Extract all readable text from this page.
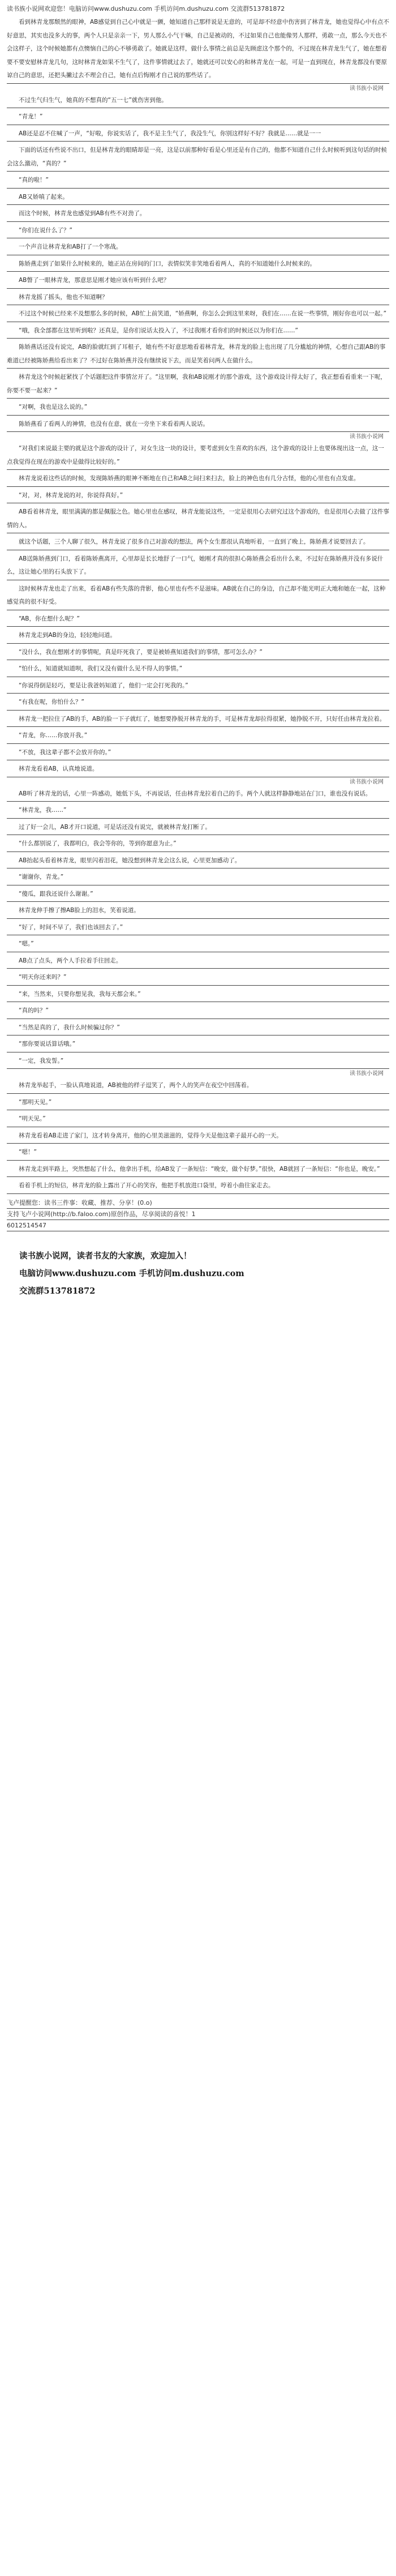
读书族小说网欢迎您！电脑访问www.dushuzu.com 手机访问m.dushuzu.com 交流群513781872
看到林青龙那颓然的眼神，AB感觉到自己心中就是一颤，她知道自己那样说是无意的，可是却不经意中伤害到了林青龙，她也觉得心中有点不好意思，其实也没多大的事，两个人只是亲亲一下，男人那么小气干嘛，自己是被动的，不过如果自己也能像男人那样，勇敢一点，那么今天也不会这样子，这个时候她都有点懊恼自己的心不够勇敢了。她就是这样，做什么事情之前总是先顾虑这个那个的，不过现在林青龙生气了，她在想着要不要安慰林青龙几句，这时林青龙如果不生气了，这件事情就过去了，她就还可以安心的和林青龙在一起，可是一直到现在，林青龙都没有要原谅自己的意思，还把头撇过去不理会自己，她有点后悔刚才自己说的那些话了。
读书族小说网
不过生气归生气，她真的不想真的“五一七”就伤害到他。
“青龙！”
AB还是忍不住喊了一声，“好啦，你说实话了，我不是主生气了，我没生气，你别这样好不好？我就是……就是一一
下面的话还有些说不出口，但是林青龙的眼睛却是一亮，这是以前那种好看是心里还是有自己的，他都不知道自己什么时候听到这句话的时候会这么激动，“真的？”
“真的啦！”
AB又娇嗔了起来。
而这个时候，林青龙也感觉到AB有些不对劲了。
“你们在说什么了？”
一个声音让林青龙和AB打了一个寒战。
陈娇燕走到了如果什么时候来的，她正站在房间的门口，表情似笑非笑地看着两人，真的不知道她什么时候来的。
AB瞥了一眼林青龙，那意思是刚才她应该有听到什么吧？
林青龙摇了摇头，他也不知道啊？
不过这个时候已经来不及想那么多的时候，AB忙上前笑道，“娇燕啊，你怎么会到这里来呀，我们在……在说一些事情，刚好你也可以一起。”
“哦，我全部都在这里听到啦？还真是，是你们说话太投入了，不过我刚才看你们的时候还以为你们在……”
陈娇燕话还没有说完，AB的脸就红到了耳根子，她有些不好意思地看着林青龙，林青龙的脸上也出现了几分尴尬的神情，心想自己跟AB的事难道已经被陈娇燕给看出来了？不过好在陈娇燕并没有继续说下去，而是笑着问两人在做什么。
林青龙这个时候赶紧找了个话题把这件事情岔开了。“这里啊，我和AB说刚才的那个游戏，这个游戏设计得太好了，我正想看看重来一下呢，你要不要一起来？”
“对啊，我也是这么说的。”
陈娇燕看了看两人的神情，也没有在意，就在一旁坐下来看着两人说话。
读书族小说网
“对我们来说最主要的就是这个游戏的设计了，对女生这一块的设计，要考虑到女生喜欢的东西，这个游戏的设计上也要体现出这一点，这一点我觉得在现在的游戏中是做得比较好的。”
林青龙说着这些话的时候，发现陈娇燕的眼神不断地在自己和AB之间扫来扫去，脸上的神色也有几分古怪，他的心里也有点发虚。
“对，对，林青龙说的对，你说得真好。”
AB看着林青龙，眼里满满的都是佩服之色。她心里也在感叹，林青龙能说这些，一定是很用心去研究过这个游戏的，也是很用心去做了这件事情的人。
就这个话题，三个人聊了很久，林青龙说了很多自己对游戏的想法，两个女生都很认真地听着，一直到了晚上，陈娇燕才说要回去了。
AB送陈娇燕到门口，看着陈娇燕离开，心里却是长长地舒了一口气，她刚才真的很担心陈娇燕会看出什么来，不过好在陈娇燕并没有多说什么，这让她心里的石头放下了。
这时候林青龙也走了出来，看着AB有些失落的背影，他心里也有些不是滋味。AB就在自己的身边，自己却不能光明正大地和她在一起，这种感觉真的很不好受。
“AB，你在想什么呢？”
林青龙走到AB的身边，轻轻地问道。
“没什么，我在想刚才的事情呢，真是吓死我了，要是被娇燕知道我们的事情，那可怎么办？”
“怕什么，知道就知道呗，我们又没有做什么见不得人的事情。”
“你说得倒是轻巧，要是让我爸妈知道了，他们一定会打死我的。”
“有我在呢，你怕什么？”
林青龙一把拉住了AB的手，AB的脸一下子就红了，她想要挣脱开林青龙的手，可是林青龙却拉得很紧，她挣脱不开，只好任由林青龙拉着。
“青龙，你……你放开我。”
“不放，我这辈子都不会放开你的。”
林青龙看着AB，认真地说道。
读书族小说网
AB听了林青龙的话，心里一阵感动，她低下头，不再说话，任由林青龙拉着自己的手。两个人就这样静静地站在门口，谁也没有说话。
“林青龙，我……”
过了好一会儿，AB才开口说道，可是话还没有说完，就被林青龙打断了。
“什么都别说了，我都明白，我会等你的，等到你愿意为止。”
AB抬起头看着林青龙，眼里闪着泪花，她没想到林青龙会这么说，心里更加感动了。
“谢谢你，青龙。”
“傻瓜，跟我还说什么谢谢。”
林青龙伸手擦了擦AB脸上的泪水，笑着说道。
“好了，时间不早了，我们也该回去了。”
“嗯。”
AB点了点头，两个人手拉着手往回走。
“明天你还来吗？”
“来，当然来，只要你想见我，我每天都会来。”
“真的吗？”
“当然是真的了，我什么时候骗过你？”
“那你要说话算话哦。”
“一定，我发誓。”
读书族小说网
林青龙举起手，一脸认真地说道，AB被他的样子逗笑了，两个人的笑声在夜空中回荡着。
“那明天见。”
“明天见。”
林青龙看着AB走进了家门，这才转身离开，他的心里美滋滋的，觉得今天是他这辈子最开心的一天。
“嗯！”
林青龙走到半路上，突然想起了什么，他拿出手机，给AB发了一条短信：“晚安，做个好梦。”很快，AB就回了一条短信：“你也是，晚安。”
看着手机上的短信，林青龙的脸上露出了开心的笑容，他把手机放进口袋里，哼着小曲往家走去。
飞卢提醒您：读书三件事：收藏、推荐、分享！(0.o)
支持飞卢小说网(http://b.faloo.com)原创作品，尽享阅读的喜悦！1
6012514547
读书族小说网，读者书友的大家族，欢迎加入！
电脑访问www.dushuzu.com 手机访问m.dushuzu.com
交流群513781872
